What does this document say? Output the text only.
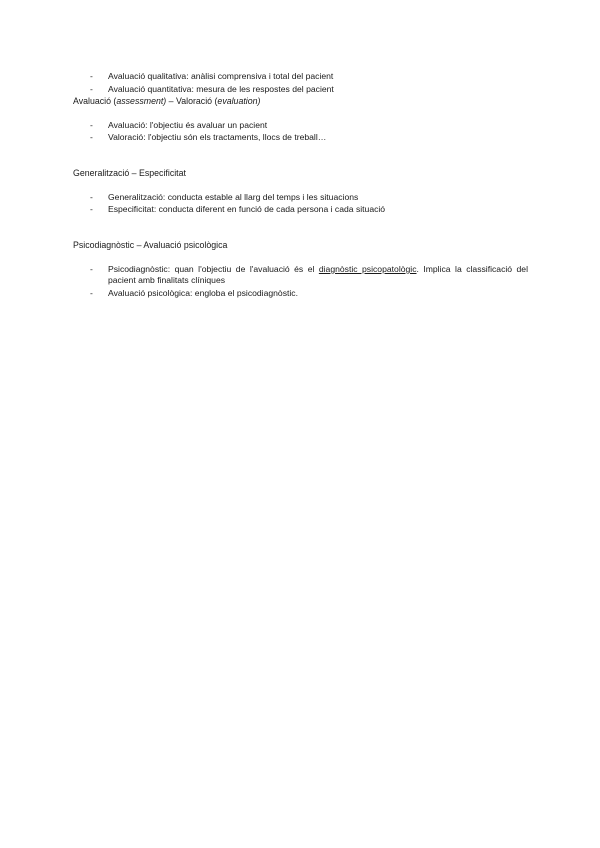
- Avaluació qualitativa: anàlisi comprensiva i total del pacient
- Avaluació quantitativa: mesura de les respostes del pacient
Avaluació (assessment) – Valoració (evaluation)
- Avaluació: l'objectiu és avaluar un pacient
- Valoració: l'objectiu són els tractaments, llocs de treball…
Generalització – Especificitat
- Generalització: conducta estable al llarg del temps i les situacions
- Especificitat: conducta diferent en funció de cada persona i cada situació
Psicodiagnòstic – Avaluació psicològica
- Psicodiagnòstic: quan l'objectiu de l'avaluació és el diagnòstic psicopatològic. Implica la classificació del pacient amb finalitats clíniques
- Avaluació psicològica: engloba el psicodiagnòstic.
